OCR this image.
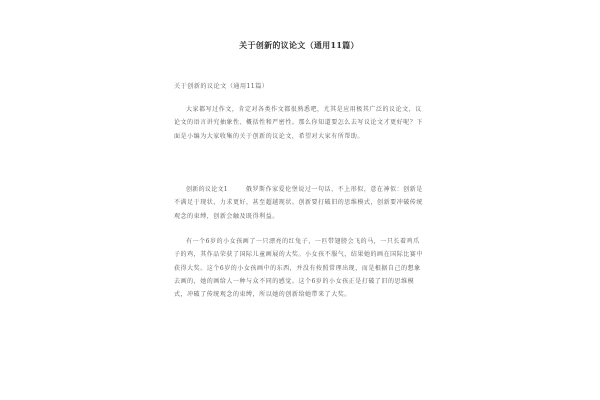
关于创新的议论文（通用11篇）
关于创新的议论文（通用11篇）

大家都写过作文，肯定对各类作文都很熟悉吧，尤其是应用极其广泛的议论文，议论文的语言讲究抽象性、概括性和严密性。那么你知道要怎么去写议论文才更好呢？下面是小编为大家收集的关于创新的议论文，希望对大家有所帮助。

创新的议论文1	俄罗斯作家爱伦堡说过一句话，不上形似，意在神似：创新是不满足于现状，力求更好，甚至超越现状。创新要打破旧的思维模式，创新要冲破传统观念的束缚，创新会触及既得利益。

有一个6岁的小女孩画了一只漂亮的红兔子，一匹带翅膀会飞的马，一只长着鸡爪子的鸡，其作品荣获了国际儿童画展的大奖。小女孩不服气，结果她的画在国际比赛中获得大奖。这个6岁的小女孩画中的东西，并没有按照常理出现，而是根据自己的想象去画的，她的画给人一种与众不同的感觉。这个6岁的小女孩正是打破了旧的思维模式，冲破了传统观念的束缚，所以她的创新给她带来了大奖。
